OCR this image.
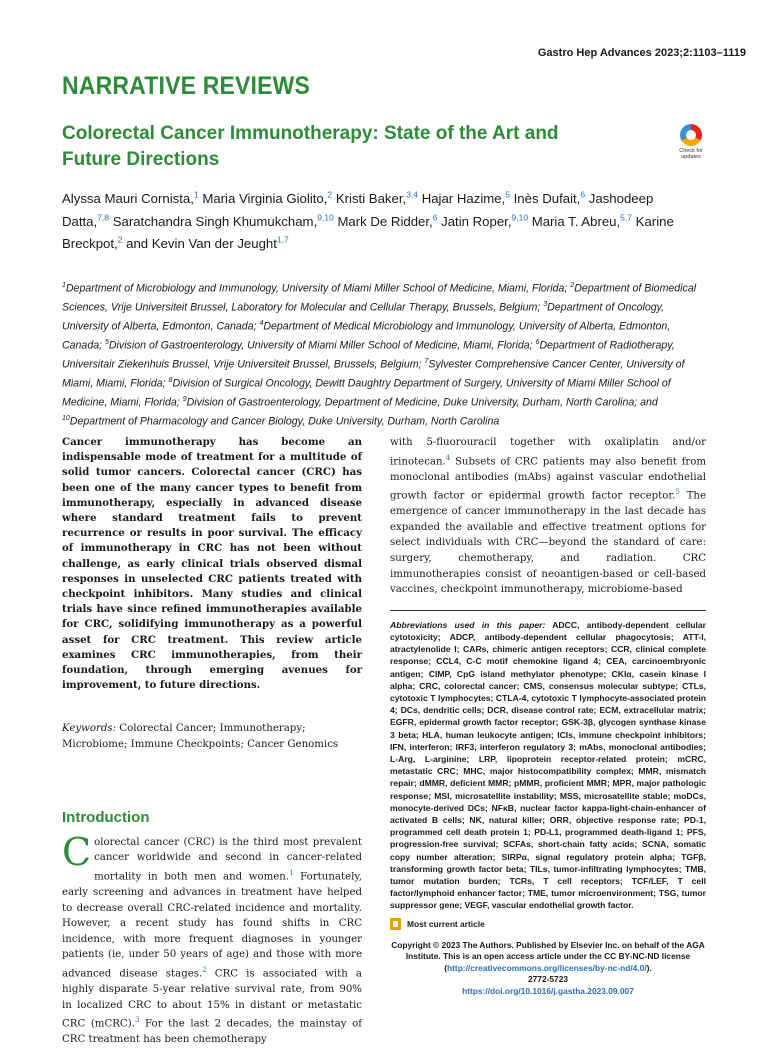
Gastro Hep Advances 2023;2:1103–1119
NARRATIVE REVIEWS
Colorectal Cancer Immunotherapy: State of the Art and Future Directions	Check for updates
Alyssa Mauri Cornista,$^1$ Maria Virginia Giolito,$^2$ Kristi Baker,$^{3,4}$ Hajar Hazime,$^5$ Inès Dufait,$^6$ Jashodeep Datta,$^{7,8}$ Saratchandra Singh Khumukcham,$^{9,10}$ Mark De Ridder,$^6$ Jatin Roper,$^{9,10}$ Maria T. Abreu,$^{5,7}$ Karine Breckpot,$^2$ and Kevin Van der Jeught$^{1,7}$
$^1$Department of Microbiology and Immunology, University of Miami Miller School of Medicine, Miami, Florida; $^2$Department of Biomedical Sciences, Vrije Universiteit Brussel, Laboratory for Molecular and Cellular Therapy, Brussels, Belgium; $^3$Department of Oncology, University of Alberta, Edmonton, Canada; $^4$Department of Medical Microbiology and Immunology, University of Alberta, Edmonton, Canada; $^5$Division of Gastroenterology, University of Miami Miller School of Medicine, Miami, Florida; $^6$Department of Radiotherapy, Universitair Ziekenhuis Brussel, Vrije Universiteit Brussel, Brussels, Belgium; $^7$Sylvester Comprehensive Cancer Center, University of Miami, Miami, Florida; $^8$Division of Surgical Oncology, Dewitt Daughtry Department of Surgery, University of Miami Miller School of Medicine, Miami, Florida; $^9$Division of Gastroenterology, Department of Medicine, Duke University, Durham, North Carolina; and $^{10}$Department of Pharmacology and Cancer Biology, Duke University, Durham, North Carolina

Cancer immunotherapy has become an indispensable mode of treatment for a multitude of solid tumor cancers. Colorectal cancer (CRC) has been one of the many cancer types to benefit from immunotherapy, especially in advanced disease where standard treatment fails to prevent recurrence or results in poor survival. The efficacy of immunotherapy in CRC has not been without challenge, as early clinical trials observed dismal responses in unselected CRC patients treated with checkpoint inhibitors. Many studies and clinical trials have since refined immunotherapies available for CRC, solidifying immunotherapy as a powerful asset for CRC treatment. This review article examines CRC immunotherapies, from their foundation, through emerging avenues for improvement, to future directions.

Keywords: Colorectal Cancer; Immunotherapy; Microbiome; Immune Checkpoints; Cancer Genomics
Introduction
Colorectal cancer (CRC) is the third most prevalent cancer worldwide and second in cancer-related mortality in both men and women.$^1$ Fortunately, early screening and advances in treatment have helped to decrease overall CRC-related incidence and mortality. However, a recent study has found shifts in CRC incidence, with more frequent diagnoses in younger patients (ie, under 50 years of age) and those with more advanced disease stages.$^2$ CRC is associated with a highly disparate 5-year relative survival rate, from 90% in localized CRC to about 15% in distant or metastatic CRC (mCRC).$^3$ For the last 2 decades, the mainstay of CRC treatment has been chemotherapy

with 5-fluorouracil together with oxaliplatin and/or irinotecan.$^4$ Subsets of CRC patients may also benefit from monoclonal antibodies (mAbs) against vascular endothelial growth factor or epidermal growth factor receptor.$^5$ The emergence of cancer immunotherapy in the last decade has expanded the available and effective treatment options for select individuals with CRC—beyond the standard of care: surgery, chemotherapy, and radiation. CRC immunotherapies consist of neoantigen-based or cell-based vaccines, checkpoint immunotherapy, microbiome-based

Abbreviations used in this paper: ADCC, antibody-dependent cellular cytotoxicity; ADCP, antibody-dependent cellular phagocytosis; ATT-I, atractylenolide I; CARs, chimeric antigen receptors; CCR, clinical complete response; CCL4, C-C motif chemokine ligand 4; CEA, carcinoembryonic antigen; CIMP, CpG island methylator phenotype; CKIα, casein kinase I alpha; CRC, colorectal cancer; CMS, consensus molecular subtype; CTLs, cytotoxic T lymphocytes; CTLA-4, cytotoxic T lymphocyte-associated protein 4; DCs, dendritic cells; DCR, disease control rate; ECM, extracellular matrix; EGFR, epidermal growth factor receptor; GSK-3β, glycogen synthase kinase 3 beta; HLA, human leukocyte antigen; ICIs, immune checkpoint inhibitors; IFN, interferon; IRF3, interferon regulatory 3; mAbs, monoclonal antibodies; L-Arg, L-arginine; LRP, lipoprotein receptor-related protein; mCRC, metastatic CRC; MHC, major histocompatibility complex; MMR, mismatch repair; dMMR, deficient MMR; pMMR, proficient MMR; MPR, major pathologic response; MSI, microsatellite instability; MSS, microsatellite stable; moDCs, monocyte-derived DCs; NFκB, nuclear factor kappa-light-chain-enhancer of activated B cells; NK, natural killer; ORR, objective response rate; PD-1, programmed cell death protein 1; PD-L1, programmed death-ligand 1; PFS, progression-free survival; SCFAs, short-chain fatty acids; SCNA, somatic copy number alteration; SIRPα, signal regulatory protein alpha; TGFβ, transforming growth factor beta; TILs, tumor-infiltrating lymphocytes; TMB, tumor mutation burden; TCRs, T cell receptors; TCF/LEF, T cell factor/lymphoid enhancer factor; TME, tumor microenvironment; TSG, tumor suppressor gene; VEGF, vascular endothelial growth factor.
Most current article
Copyright © 2023 The Authors. Published by Elsevier Inc. on behalf of the AGA Institute. This is an open access article under the CC BY-NC-ND license (http://creativecommons.org/licenses/by-nc-nd/4.0/).
2772-5723
https://doi.org/10.1016/j.gastha.2023.09.007
